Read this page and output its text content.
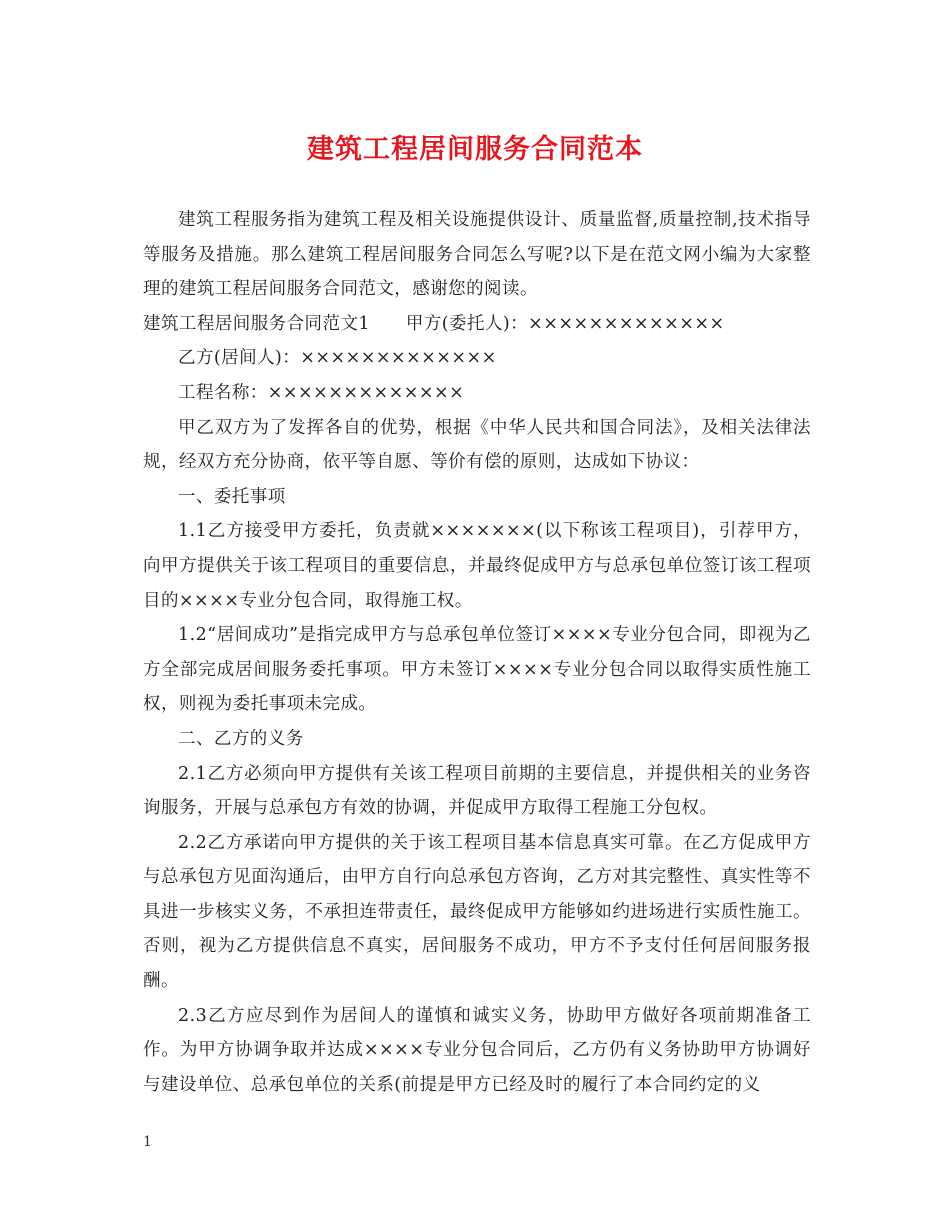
建筑工程居间服务合同范本

建筑工程服务指为建筑工程及相关设施提供设计、质量监督,质量控制,技术指导等服务及措施。那么建筑工程居间服务合同怎么写呢?以下是在范文网小编为大家整理的建筑工程居间服务合同范文，感谢您的阅读。

建筑工程居间服务合同范文1　　甲方(委托人)：×××××××××××××

乙方(居间人)：×××××××××××××

工程名称：×××××××××××××

甲乙双方为了发挥各自的优势，根据《中华人民共和国合同法》，及相关法律法规，经双方充分协商，依平等自愿、等价有偿的原则，达成如下协议：

一、委托事项

1.1乙方接受甲方委托，负责就×××××××(以下称该工程项目)，引荐甲方，向甲方提供关于该工程项目的重要信息，并最终促成甲方与总承包单位签订该工程项目的××××专业分包合同，取得施工权。

1.2“居间成功”是指完成甲方与总承包单位签订××××专业分包合同，即视为乙方全部完成居间服务委托事项。甲方未签订××××专业分包合同以取得实质性施工权，则视为委托事项未完成。

二、乙方的义务

2.1乙方必须向甲方提供有关该工程项目前期的主要信息，并提供相关的业务咨询服务，开展与总承包方有效的协调，并促成甲方取得工程施工分包权。

2.2乙方承诺向甲方提供的关于该工程项目基本信息真实可靠。在乙方促成甲方与总承包方见面沟通后，由甲方自行向总承包方咨询，乙方对其完整性、真实性等不具进一步核实义务，不承担连带责任，最终促成甲方能够如约进场进行实质性施工。否则，视为乙方提供信息不真实，居间服务不成功，甲方不予支付任何居间服务报酬。

2.3乙方应尽到作为居间人的谨慎和诚实义务，协助甲方做好各项前期准备工作。为甲方协调争取并达成××××专业分包合同后，乙方仍有义务协助甲方协调好与建设单位、总承包单位的关系(前提是甲方已经及时的履行了本合同约定的义

1
